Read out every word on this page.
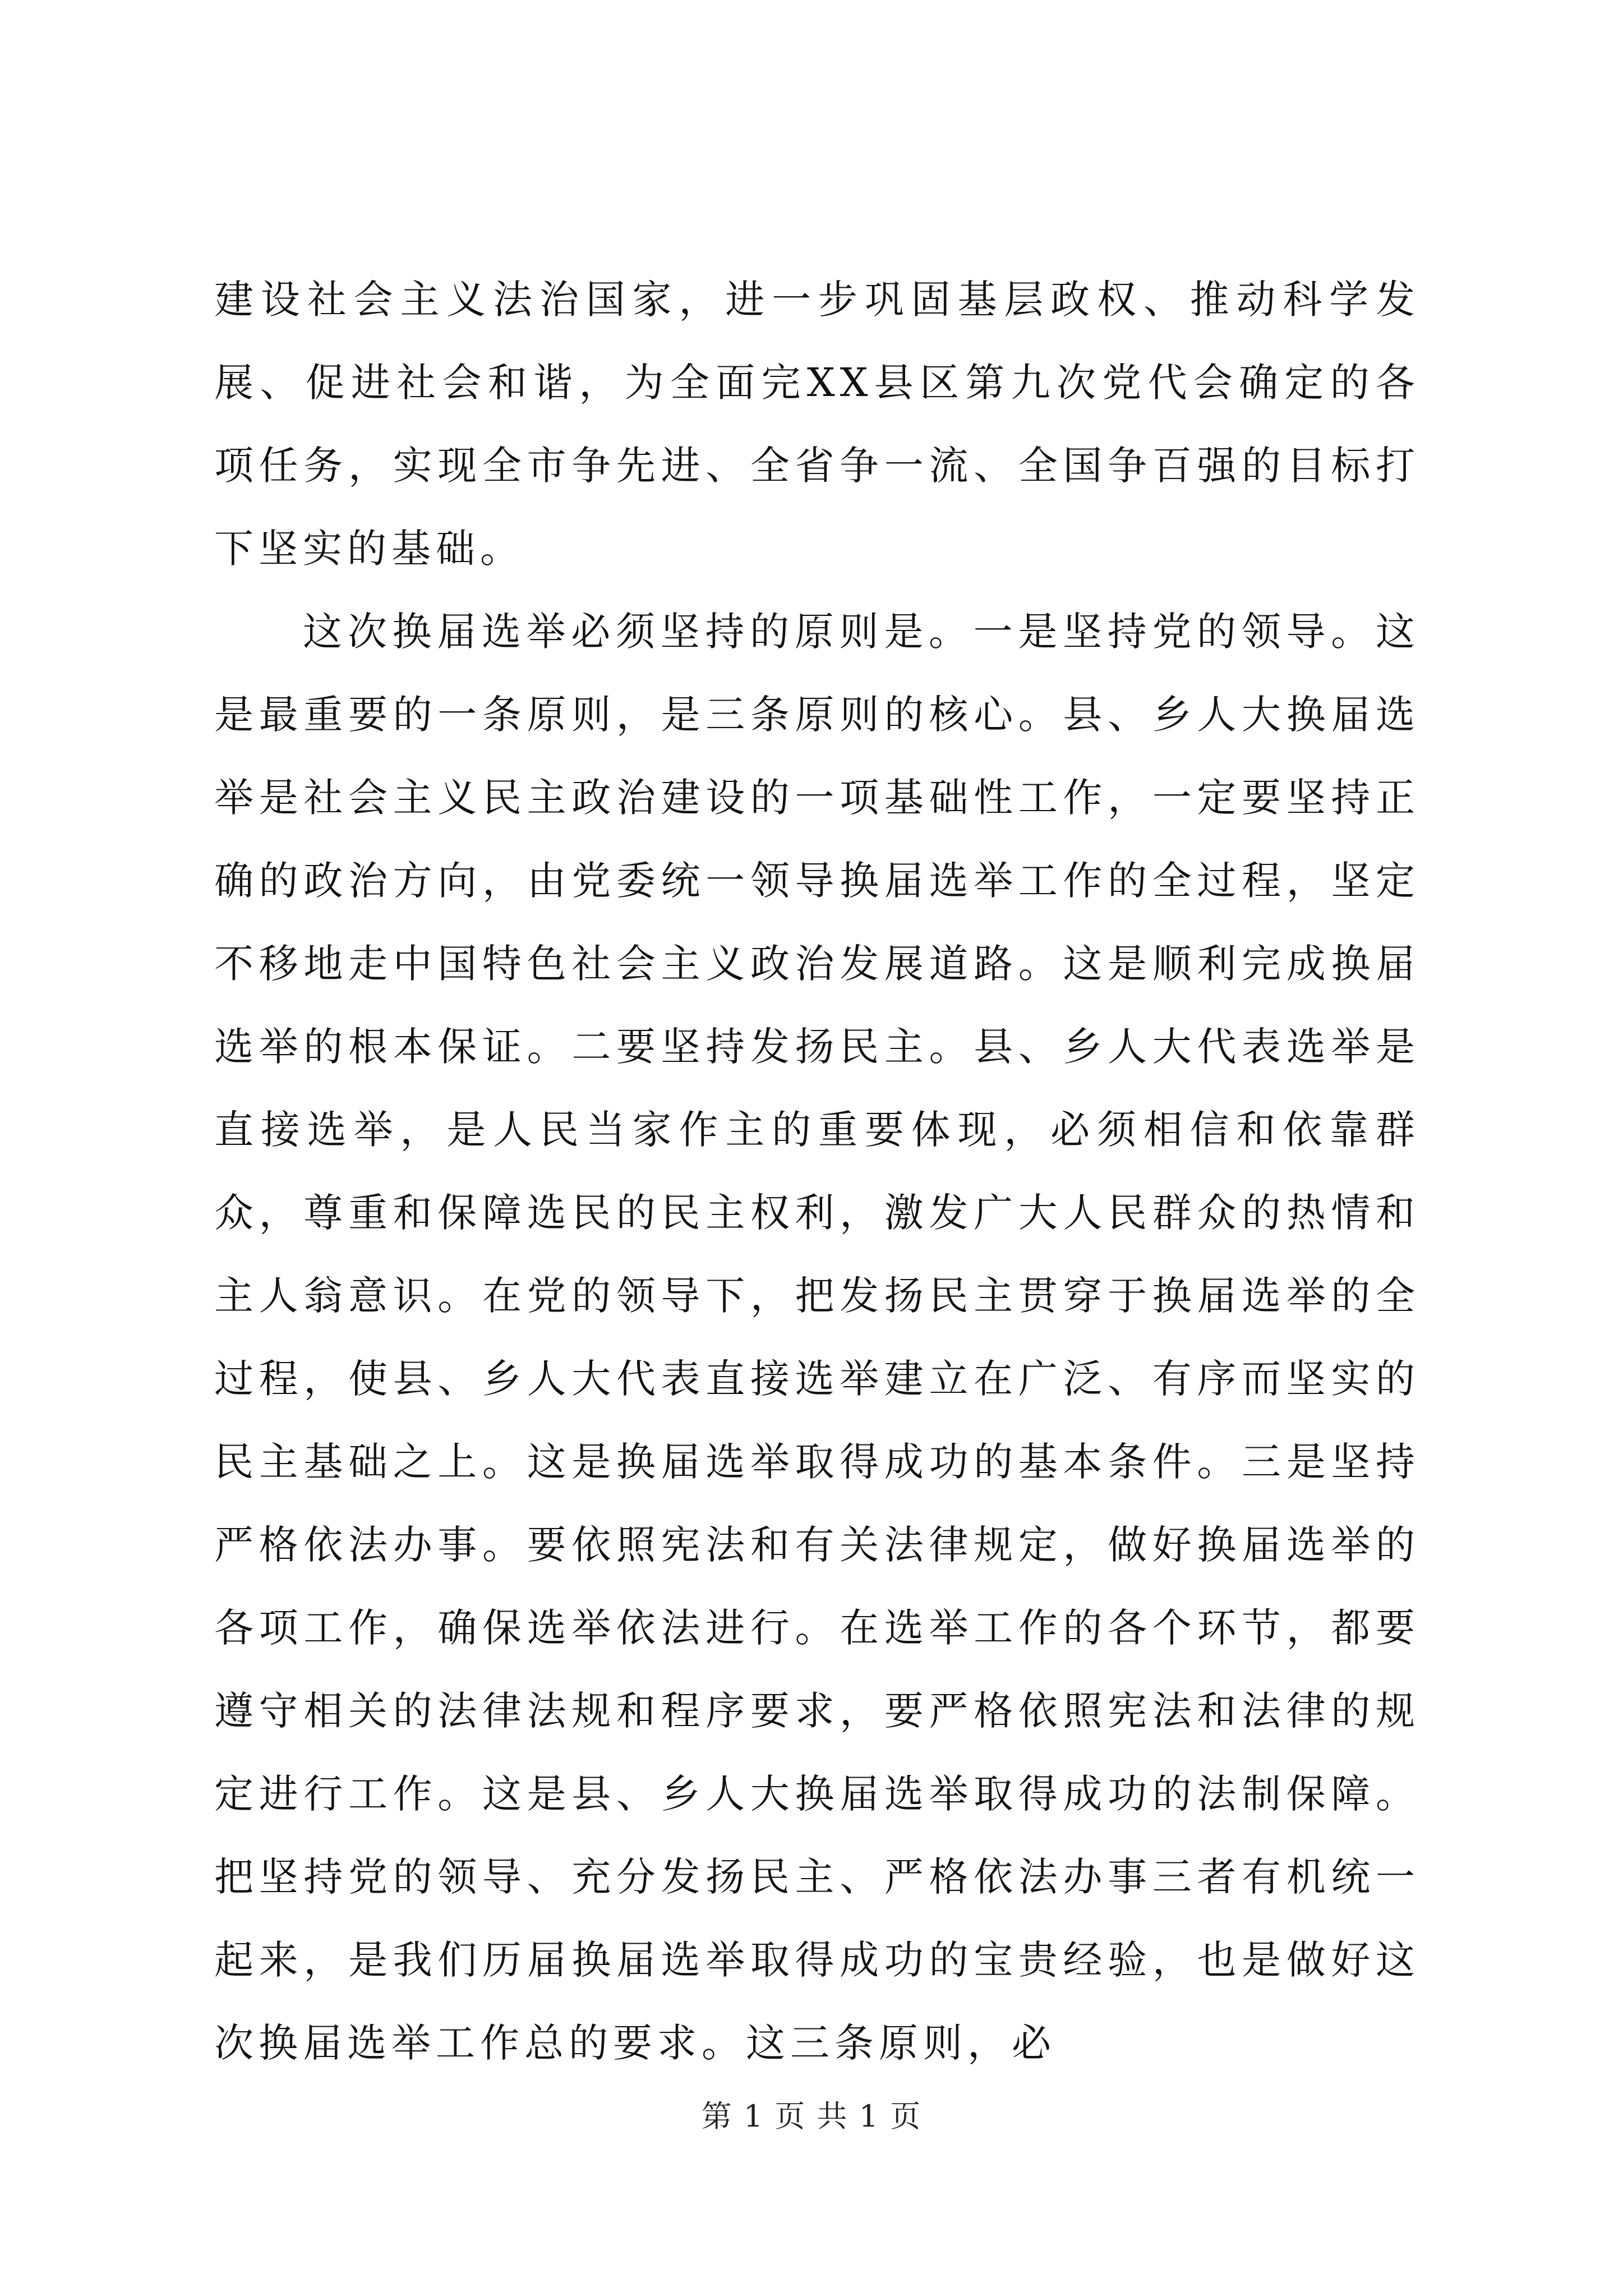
建设社会主义法治国家，进一步巩固基层政权、推动科学发展、促进社会和谐，为全面完XX县区第九次党代会确定的各项任务，实现全市争先进、全省争一流、全国争百强的目标打下坚实的基础。

这次换届选举必须坚持的原则是。一是坚持党的领导。这是最重要的一条原则，是三条原则的核心。县、乡人大换届选举是社会主义民主政治建设的一项基础性工作，一定要坚持正确的政治方向，由党委统一领导换届选举工作的全过程，坚定不移地走中国特色社会主义政治发展道路。这是顺利完成换届选举的根本保证。二要坚持发扬民主。县、乡人大代表选举是直接选举，是人民当家作主的重要体现，必须相信和依靠群众，尊重和保障选民的民主权利，激发广大人民群众的热情和主人翁意识。在党的领导下，把发扬民主贯穿于换届选举的全过程，使县、乡人大代表直接选举建立在广泛、有序而坚实的民主基础之上。这是换届选举取得成功的基本条件。三是坚持严格依法办事。要依照宪法和有关法律规定，做好换届选举的各项工作，确保选举依法进行。在选举工作的各个环节，都要遵守相关的法律法规和程序要求，要严格依照宪法和法律的规定进行工作。这是县、乡人大换届选举取得成功的法制保障。把坚持党的领导、充分发扬民主、严格依法办事三者有机统一起来，是我们历届换届选举取得成功的宝贵经验，也是做好这次换届选举工作总的要求。这三条原则，必

第 1 页 共 1 页
